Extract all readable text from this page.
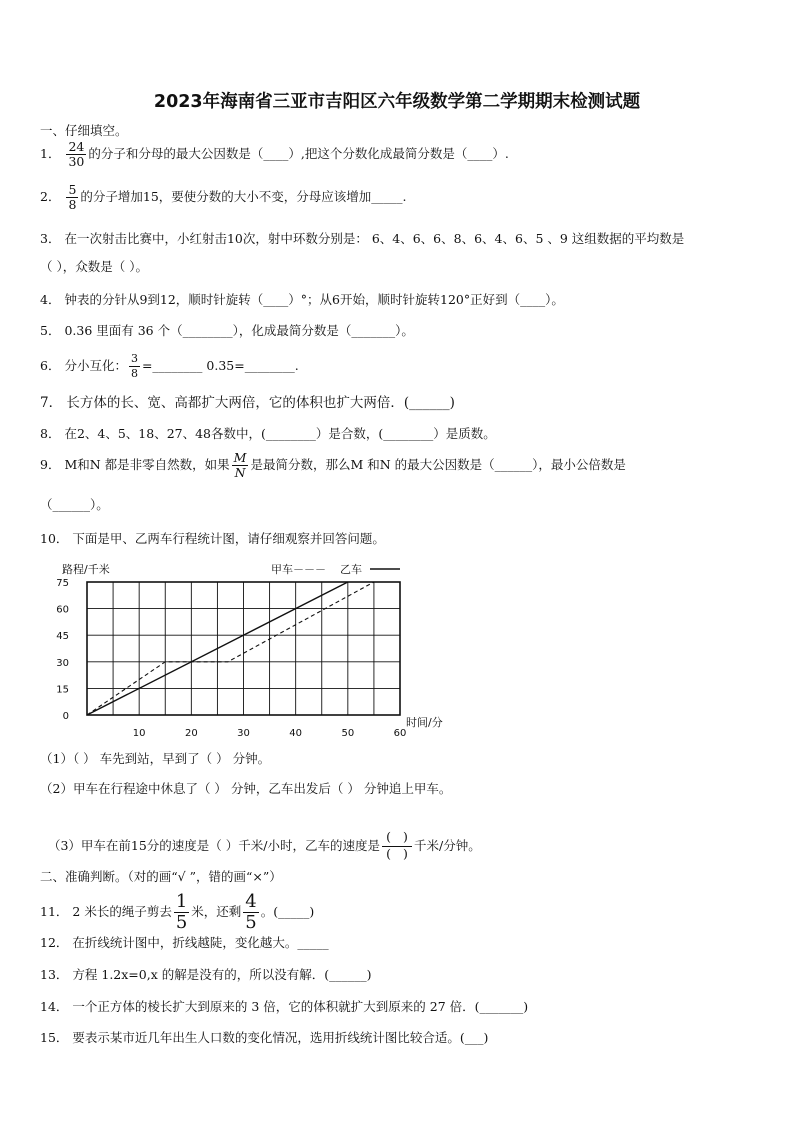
2023年海南省三亚市吉阳区六年级数学第二学期期末检测试题
一、仔细填空。
1． $\frac{24}{30}$ 的分子和分母的最大公因数是（____）,把这个分数化成最简分数是（____）.
2． $\frac{5}{8}$ 的分子增加15，要使分数的大小不变，分母应该增加_____.
3． 在一次射击比赛中，小红射击10次，射中环数分别是： 6、4、6、6、8、6、4、6、5 、9 这组数据的平均数是
（ ），众数是（ ）。
4． 钟表的分针从9到12，顺时针旋转（____）°；从6开始，顺时针旋转120°正好到（____）。
5． 0.36 里面有 36 个（________），化成最简分数是（_______）。
6． 分小互化： $\frac{3}{8}$ =________ 0.35=________.
7． 长方体的长、宽、高都扩大两倍，它的体积也扩大两倍．(______)
8． 在2、4、5、18、27、48各数中，(________）是合数，(________）是质数。
9． M和N 都是非零自然数，如果 $\frac{M}{N}$ 是最简分数，那么M 和N 的最大公因数是（______），最小公倍数是
（______）。
10． 下面是甲、乙两车行程统计图，请仔细观察并回答问题。
0
15
30
45
60
75
10	20	30	40	50	60
路程/千米
时间/分
甲车－－－ 乙车
（1）（ ） 车先到站，早到了（ ） 分钟。
（2）甲车在行程途中休息了（ ） 分钟，乙车出发后（ ） 分钟追上甲车。

（3）甲车在前15分的速度是（ ）千米/小时，乙车的速度是 $\frac{( )}{( )}$ 千米/分钟。

二、准确判断。（对的画“√ ”，错的画“×”）
11． 2 米长的绳子剪去 $\frac{1}{5}$ 米，还剩 $\frac{4}{5}$ 。(_____)
12． 在折线统计图中，折线越陡，变化越大。_____
13． 方程 1.2x=0,x 的解是没有的，所以没有解．(______)
14． 一个正方体的棱长扩大到原来的 3 倍，它的体积就扩大到原来的 27 倍．(_______)
15． 要表示某市近几年出生人口数的变化情况，选用折线统计图比较合适。(___)
